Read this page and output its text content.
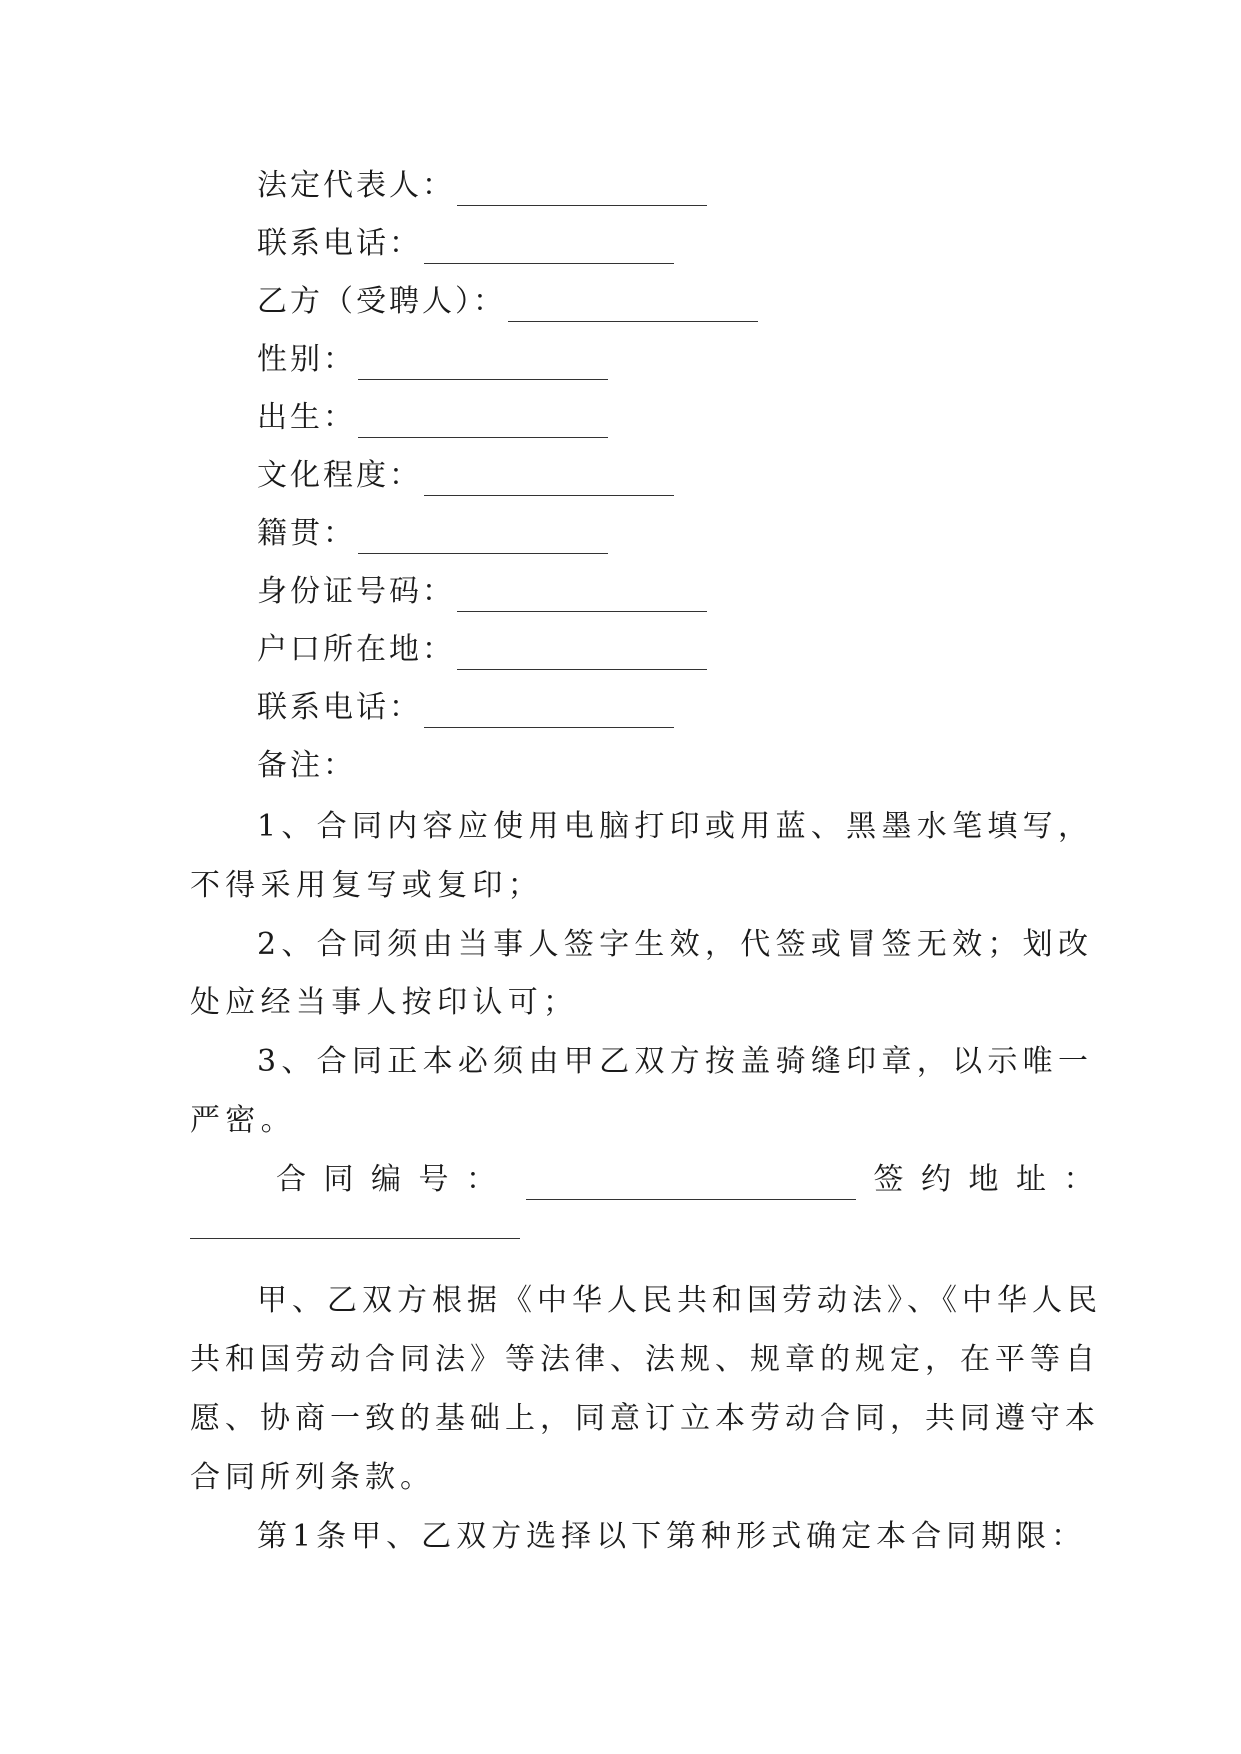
法定代表人：
联系电话：
乙方（受聘人）：
性别：
出生：
文化程度：
籍贯：
身份证号码：
户口所在地：
联系电话：
备注：
1、合同内容应使用电脑打印或用蓝、黑墨水笔填写，
不得采用复写或复印；
2、合同须由当事人签字生效，代签或冒签无效；划改
处应经当事人按印认可；
3、合同正本必须由甲乙双方按盖骑缝印章，以示唯一
严密。
合同编号：	签约地址：
甲、乙双方根据《中华人民共和国劳动法》、《中华人民
共和国劳动合同法》等法律、法规、规章的规定，在平等自
愿、协商一致的基础上，同意订立本劳动合同，共同遵守本
合同所列条款。
第1条甲、乙双方选择以下第种形式确定本合同期限：
